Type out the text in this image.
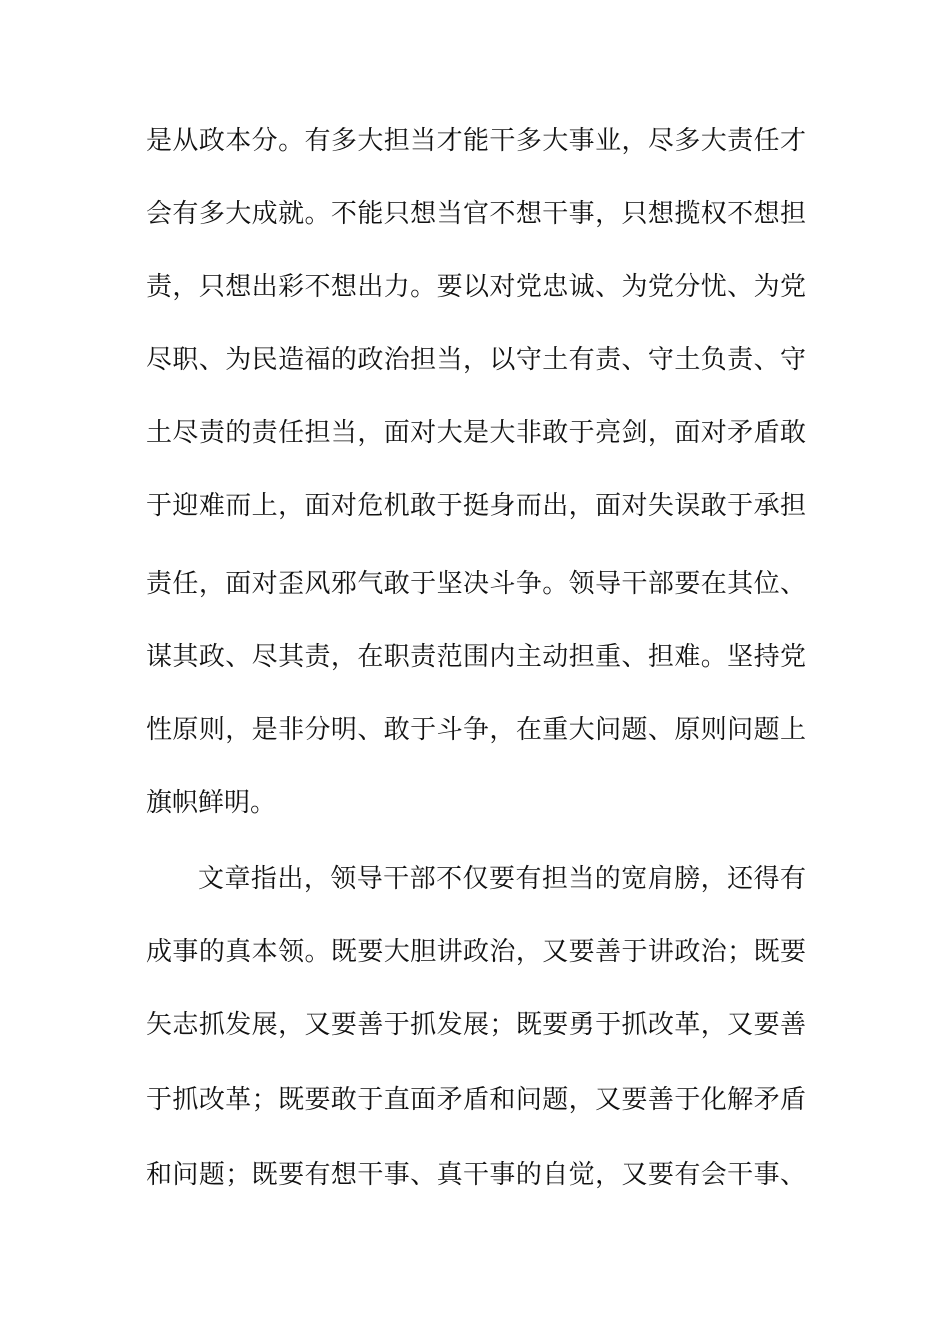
是从政本分。有多大担当才能干多大事业，尽多大责任才
会有多大成就。不能只想当官不想干事，只想揽权不想担
责，只想出彩不想出力。要以对党忠诚、为党分忧、为党
尽职、为民造福的政治担当，以守土有责、守土负责、守
土尽责的责任担当，面对大是大非敢于亮剑，面对矛盾敢
于迎难而上，面对危机敢于挺身而出，面对失误敢于承担
责任，面对歪风邪气敢于坚决斗争。领导干部要在其位、
谋其政、尽其责，在职责范围内主动担重、担难。坚持党
性原则，是非分明、敢于斗争，在重大问题、原则问题上
旗帜鲜明。
文章指出，领导干部不仅要有担当的宽肩膀，还得有
成事的真本领。既要大胆讲政治，又要善于讲政治；既要
矢志抓发展，又要善于抓发展；既要勇于抓改革，又要善
于抓改革；既要敢于直面矛盾和问题，又要善于化解矛盾
和问题；既要有想干事、真干事的自觉，又要有会干事、
